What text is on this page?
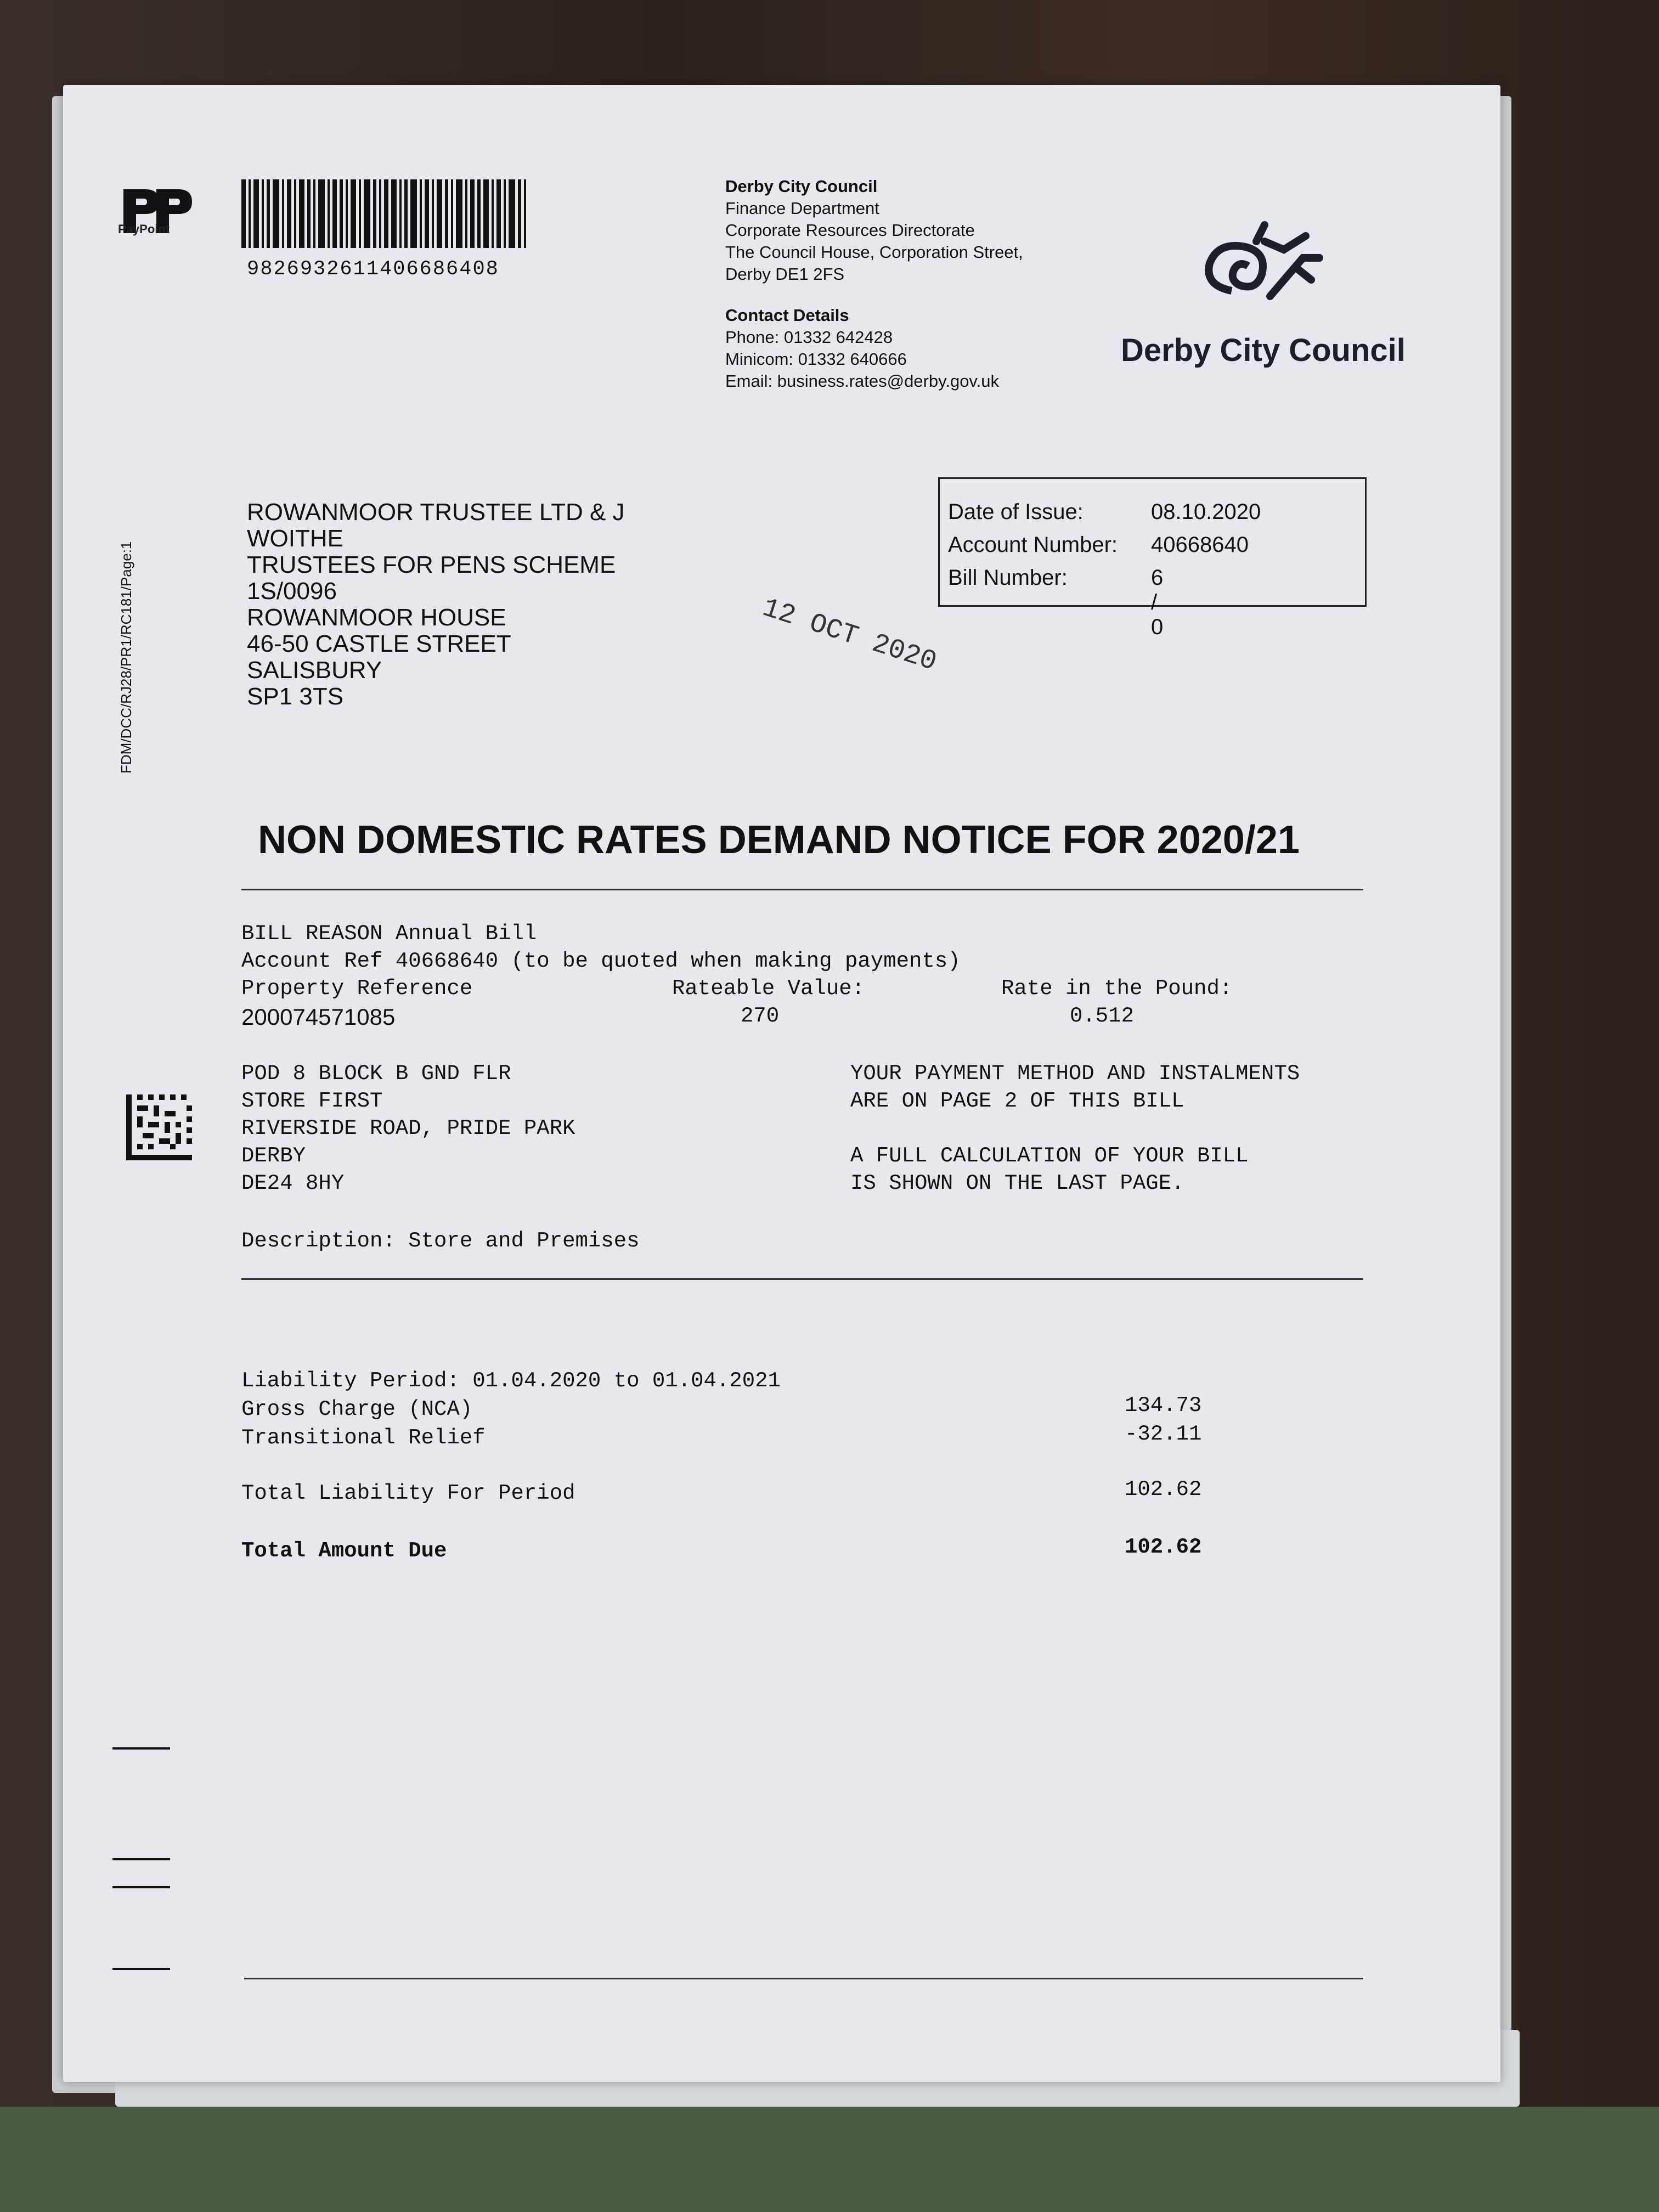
PayPoint
9826932611406686408
Derby City Council
Finance Department
Corporate Resources Directorate
The Council House, Corporation Street,
Derby DE1 2FS
Contact Details
Phone: 01332 642428
Minicom: 01332 640666
Email: business.rates@derby.gov.uk
Derby City Council
FDM/DCC/RJ28/PR1/RC181/Page:1
ROWANMOOR TRUSTEE LTD & J
WOITHE
TRUSTEES FOR PENS SCHEME
1S/0096
ROWANMOOR HOUSE
46-50 CASTLE STREET
SALISBURY
SP1 3TS
12 OCT 2020
Date of Issue:	08.10.2020
Account Number: 40668640
Bill Number:	6 / 0
NON DOMESTIC RATES DEMAND NOTICE FOR 2020/21
BILL REASON Annual Bill
Account Ref 40668640 (to be quoted when making payments)
Property Reference	Rateable Value:	Rate in the Pound:
200074571085	270	0.512
POD 8 BLOCK B GND FLR
STORE FIRST
RIVERSIDE ROAD, PRIDE PARK
DERBY
DE24 8HY
YOUR PAYMENT METHOD AND INSTALMENTS
ARE ON PAGE 2 OF THIS BILL
A FULL CALCULATION OF YOUR BILL
IS SHOWN ON THE LAST PAGE.
Description: Store and Premises
Liability Period: 01.04.2020 to 01.04.2021
Gross Charge (NCA)	134.73
Transitional Relief	-32.11
Total Liability For Period	102.62
Total Amount Due	102.62
